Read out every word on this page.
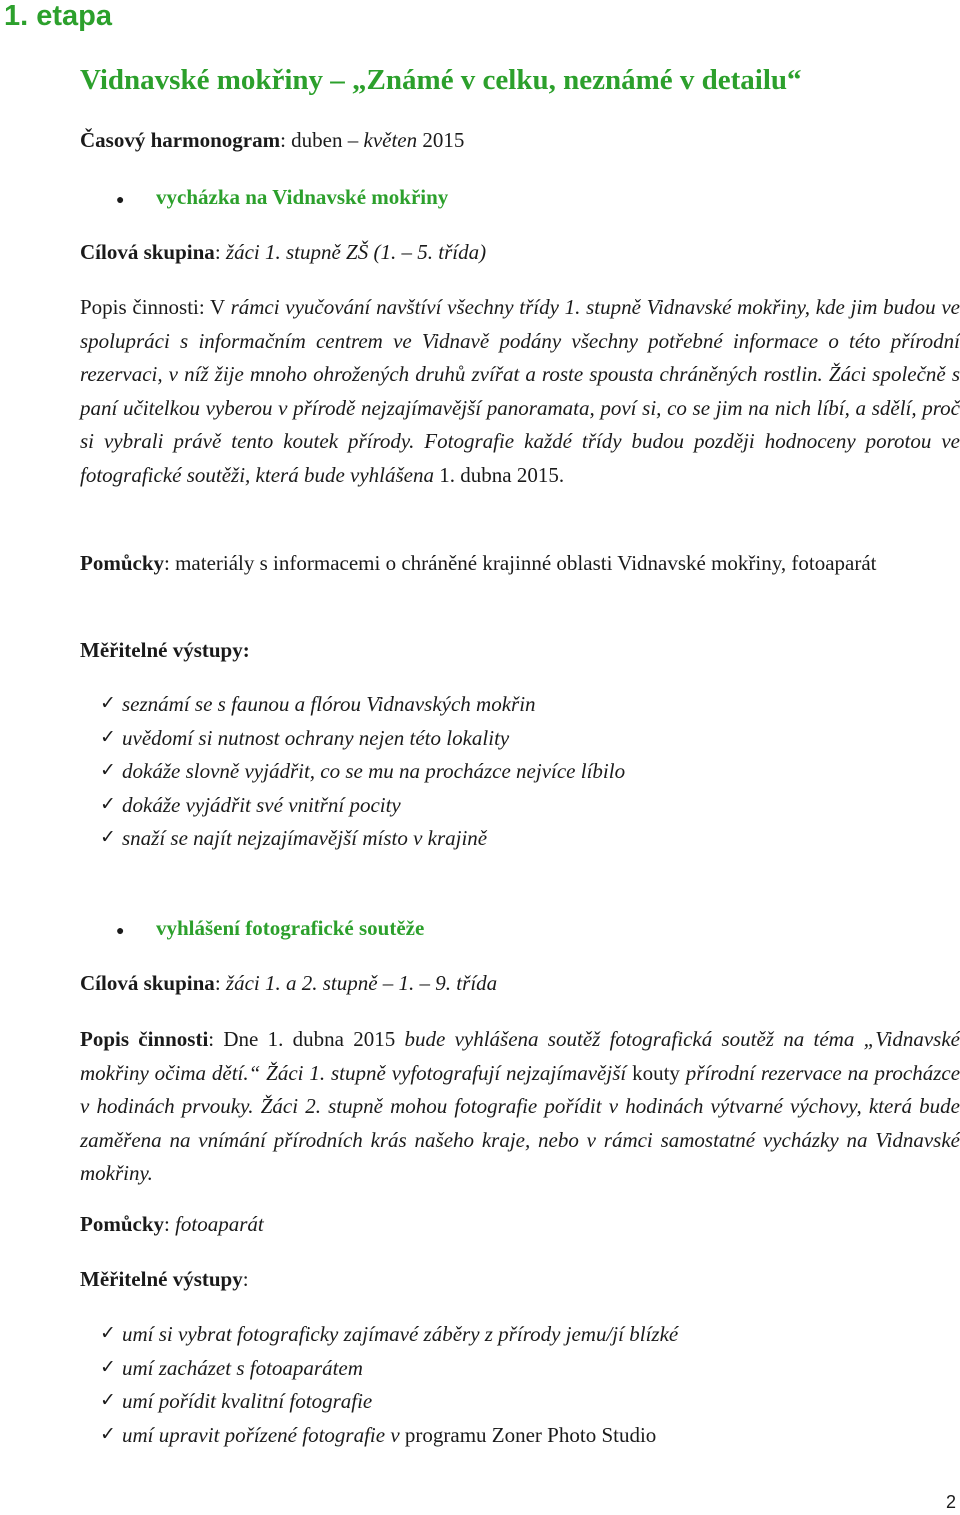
1. etapa
Vidnavské mokřiny – „Známé v celku, neznámé v detailu“

Časový harmonogram: duben – květen 2015

● vycházka na Vidnavské mokřiny

Cílová skupina: žáci 1. stupně ZŠ (1. – 5. třída)

Popis činnosti: V rámci vyučování navštíví všechny třídy 1. stupně Vidnavské mokřiny, kde jim budou ve spolupráci s informačním centrem ve Vidnavě podány všechny potřebné informace o této přírodní rezervaci, v níž žije mnoho ohrožených druhů zvířat a roste spousta chráněných rostlin. Žáci společně s paní učitelkou vyberou v přírodě nejzajímavější panoramata, poví si, co se jim na nich líbí, a sdělí, proč si vybrali právě tento koutek přírody. Fotografie každé třídy budou později hodnoceny porotou ve fotografické soutěži, která bude vyhlášena 1. dubna 2015.

Pomůcky: materiály s informacemi o chráněné krajinné oblasti Vidnavské mokřiny, fotoaparát

Měřitelné výstupy:

✓ seznámí se s faunou a flórou Vidnavských mokřin

✓ uvědomí si nutnost ochrany nejen této lokality

✓ dokáže slovně vyjádřit, co se mu na procházce nejvíce líbilo

✓ dokáže vyjádřit své vnitřní pocity

✓ snaží se najít nejzajímavější místo v krajině

● vyhlášení fotografické soutěže

Cílová skupina: žáci 1. a 2. stupně – 1. – 9. třída

Popis činnosti: Dne 1. dubna 2015 bude vyhlášena soutěž fotografická soutěž na téma „Vidnavské mokřiny očima dětí.“ Žáci 1. stupně vyfotografují nejzajímavější kouty přírodní rezervace na procházce v hodinách prvouky. Žáci 2. stupně mohou fotografie pořídit v hodinách výtvarné výchovy, která bude zaměřena na vnímání přírodních krás našeho kraje, nebo v rámci samostatné vycházky na Vidnavské mokřiny.

Pomůcky: fotoaparát

Měřitelné výstupy:

✓ umí si vybrat fotograficky zajímavé záběry z přírody jemu/jí blízké

✓ umí zacházet s fotoaparátem

✓ umí pořídit kvalitní fotografie

✓ umí upravit pořízené fotografie v programu Zoner Photo Studio

2
